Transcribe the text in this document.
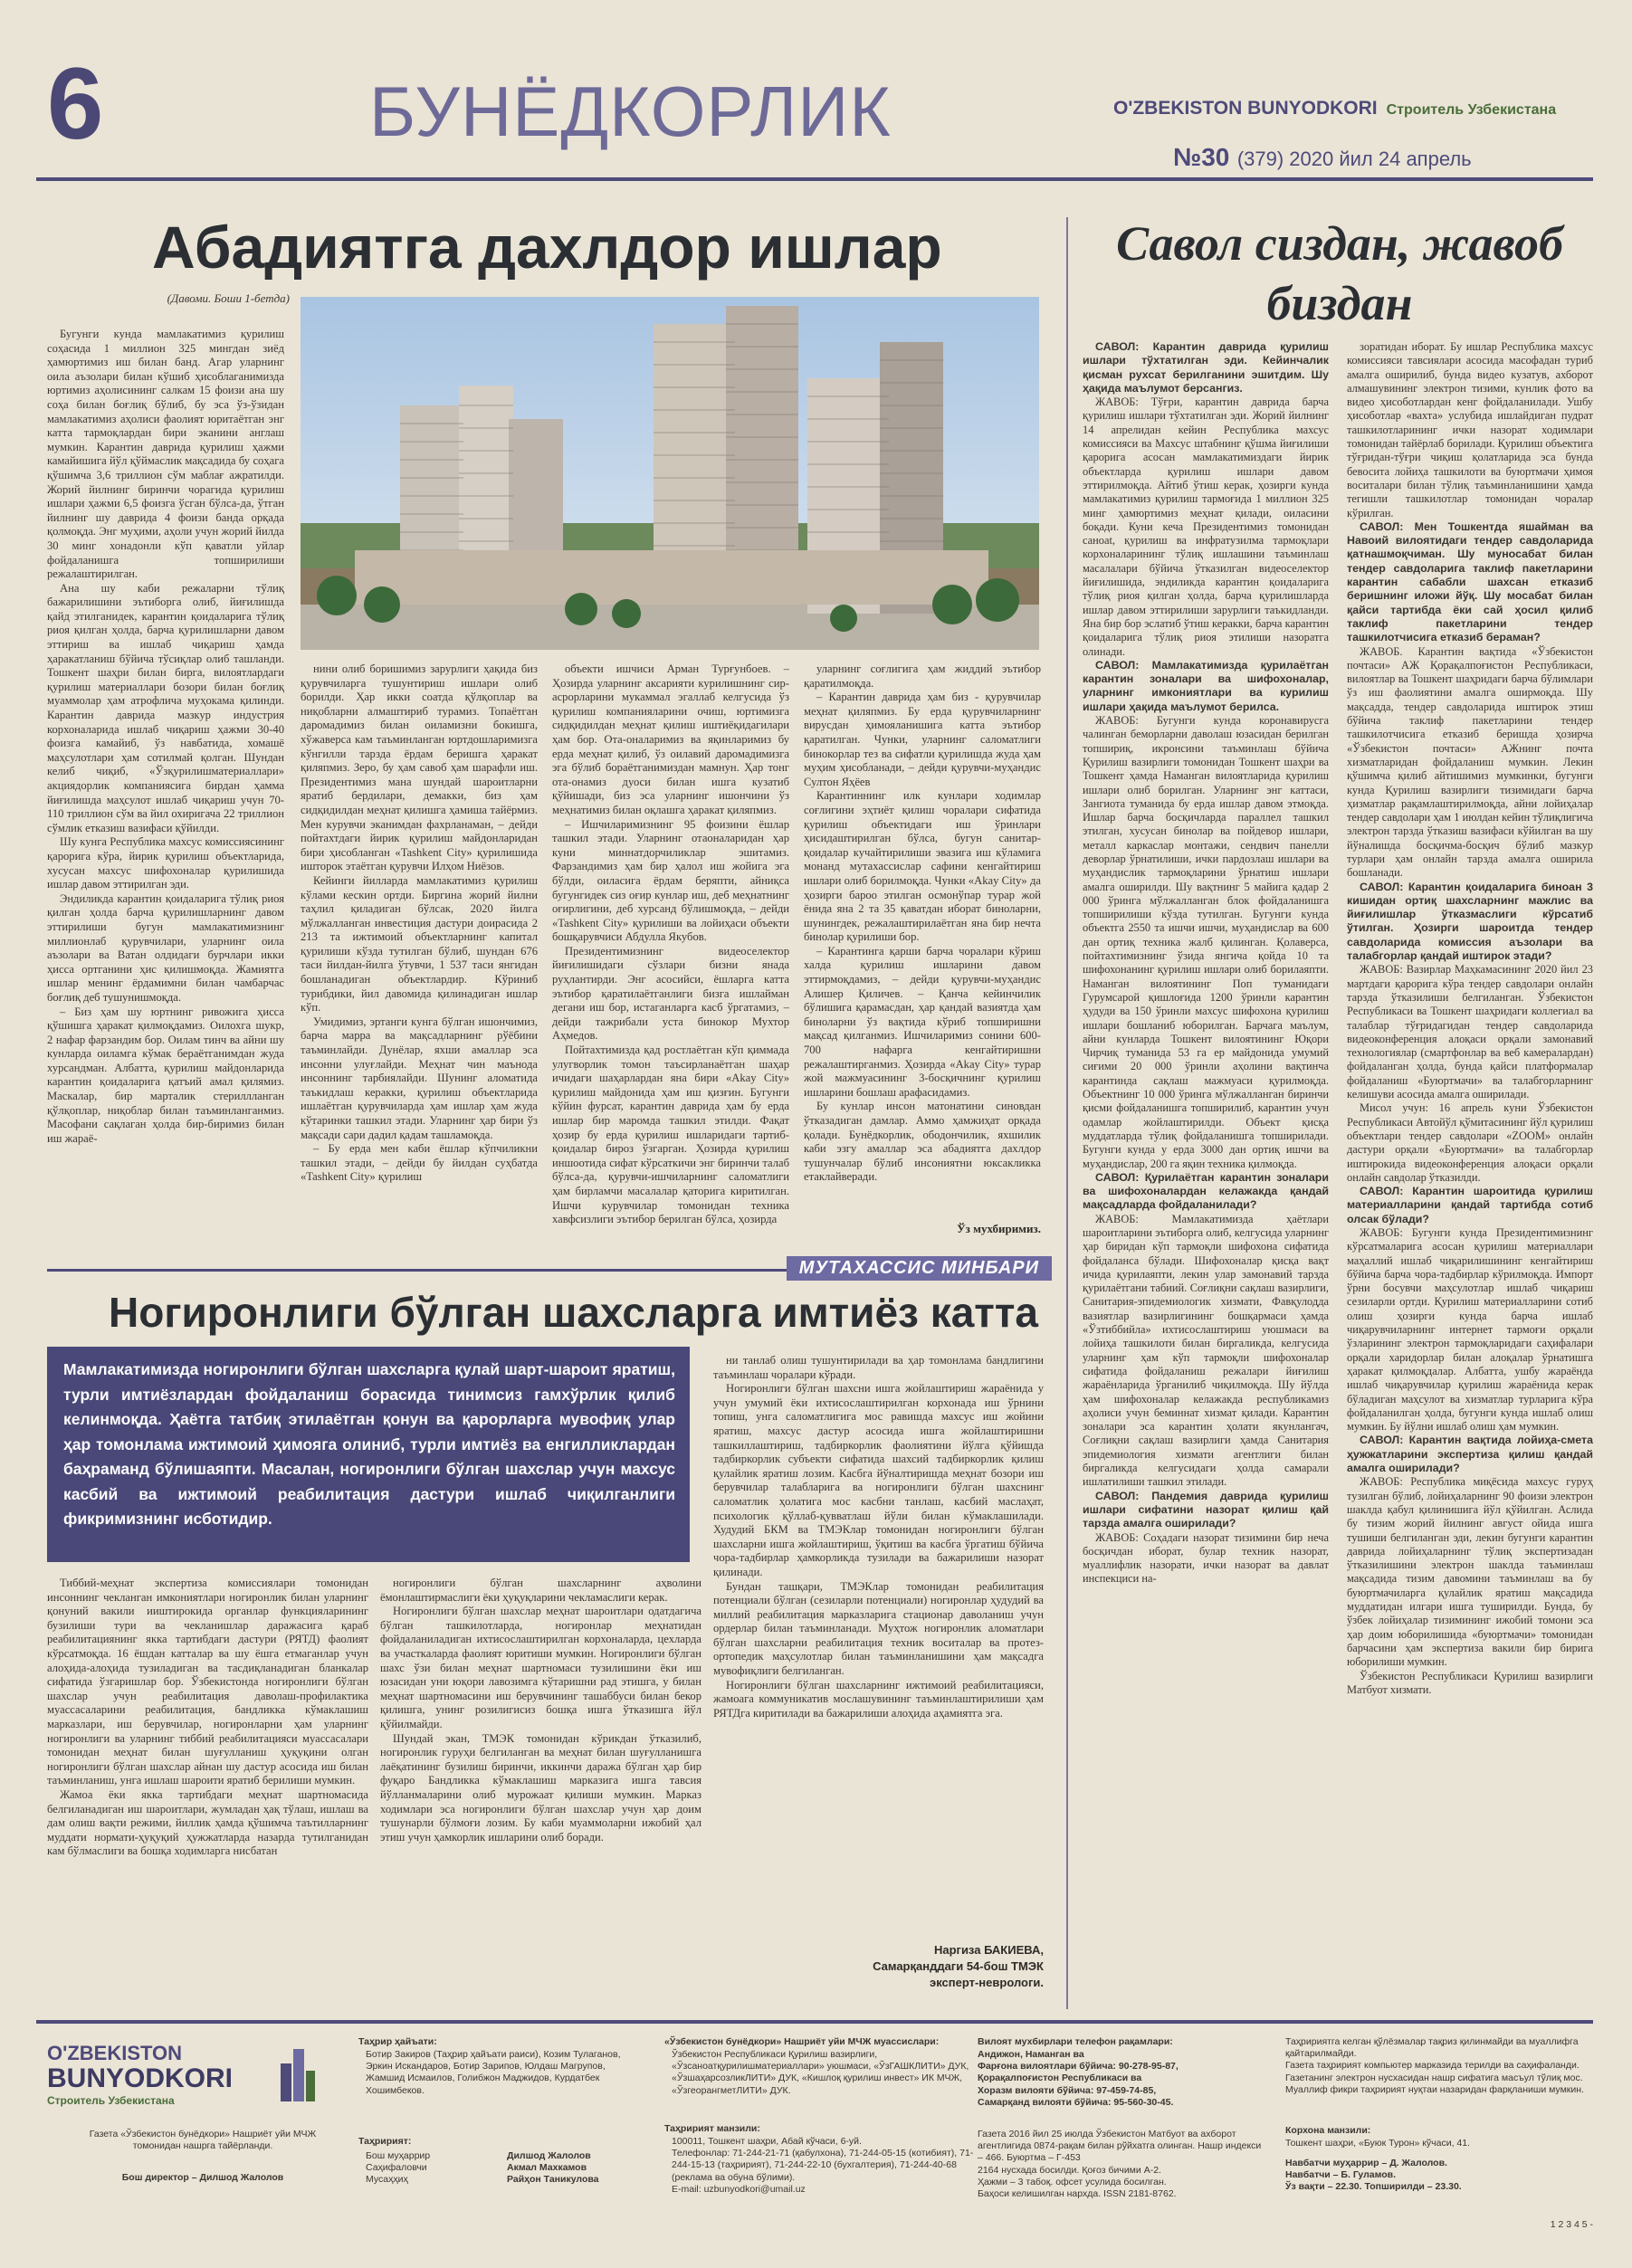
6	БУНЁДКОРЛИК	O'ZBEKISTON BUNYODKORI Строитель Узбекистана
№30 (379) 2020 йил 24 апрель
Абадиятга дахлдор ишлар
(Давоми. Боши 1-бетда)

Бугунги кунда мамлакатимиз қурилиш соҳасида 1 миллион 325 мингдан зиёд ҳамюртимиз иш билан банд. Агар уларнинг оила аъзолари билан кўшиб ҳисоблаганимизда юртимиз аҳолисининг салкам 15 фоизи ана шу соҳа билан боғлиқ бўлиб, бу эса ўз-ўзидан мамлакатимиз аҳолиси фаолият юритаётган энг катта тармоқлардан бири эканини англаш мумкин. Карантин даврида қурилиш ҳажми камайишига йўл қўймаслик мақсадида бу соҳага қўшимча 3,6 триллион сўм маблағ ажратилди. Жорий йилнинг биринчи чорагида қурилиш ишлари ҳажми 6,5 фоизга ўсган бўлса-да, ўтган йилнинг шу даврида 4 фоизи банда орқада қолмоқда. Энг муҳими, аҳоли учун жорий йилда 30 минг хонадонли кўп қаватли уйлар фойдаланишга топширилиши режалаштирилган.

Ана шу каби режаларни тўлиқ бажарилишини эътиборга олиб, йиғилишда қайд этилганидек, карантин қоидаларига тўлиқ риоя қилган ҳолда, барча қурилишларни давом эттириш ва ишлаб чиқариш ҳамда ҳаракатланиш бўйича тўсиқлар олиб ташланди. Тошкент шаҳри билан бирга, вилоятлардаги қурилиш материаллари бозори билан боғлиқ муаммолар ҳам атрофлича муҳокама қилинди. Карантин даврида мазкур индустрия корхоналарида ишлаб чиқариш ҳажми 30-40 фоизга камайиб, ўз навбатида, хомашё маҳсулотлари ҳам сотилмай қолган. Шундан келиб чиқиб, «Ўзқурилишматериаллари» акциядорлик компаниясига бирдан ҳамма йиғилишда маҳсулот ишлаб чиқариш учун 70-110 триллион сўм ва йил охиригача 22 триллион сўмлик етказиш вазифаси қўйилди.

Шу кунга Республика махсус комиссиясининг қарорига кўра, йирик қурилиш объектларида, хусусан махсус шифохоналар қурилишида ишлар давом эттирилган эди.

Эндиликда карантин қоидаларига тўлиқ риоя қилган ҳолда барча қурилишларнинг давом эттирилиши бугун мамлакатимизнинг миллионлаб қурувчилари, уларнинг оила аъзолари ва Ватан олдидаги бурчлари икки ҳисса ортганини ҳис қилишмоқда. Жамиятга ишлар менинг ёрдамимни билан чамбарчас боғлиқ деб тушунишмоқда.

– Биз ҳам шу юртнинг ривожига ҳисса қўшишга ҳаракат қилмоқдамиз. Оилохга шукр, 2 нафар фарзандим бор. Оилам тинч ва айни шу кунларда оиламга кўмак бераётганимдан жуда хурсандман. Албатта, қурилиш майдонларида карантин қоидаларига қатъий амал қилямиз. Маскалар, бир марталик стериллланган қўлқоплар, ниқоблар билан таъминланганмиз. Масофани сақлаган ҳолда бир-биримиз билан иш жараё-

нини олиб боришимиз зарурлиги ҳақида биз қурувчиларга тушунтириш ишлари олиб борилди. Ҳар икки соатда қўлқоплар ва ниқобларни алмаштириб турамиз. Топаётган даромадимиз билан оиламизни бокишга, хўжаверса кам таъминланган юртдошларимизга кўнгилли тарзда ёрдам беришга ҳаракат қиляпмиз. Зеро, бу ҳам савоб ҳам шарафли иш. Президентимиз мана шундай шароитларни яратиб бердилари, демакки, биз ҳам сидқидилдан меҳнат қилишга ҳамиша тайёрмиз. Мен курувчи эканимдан фахрланаман, – дейди пойтахтдаги йирик қурилиш майдонларидан бири ҳисобланган «Tashkent City» қурилишида ишторок этаётган қурувчи Илҳом Ниёзов.

Кейинги йилларда мамлакатимиз қурилиш кўлами кескин ортди. Биргина жорий йилни таҳлил қиладиган бўлсак, 2020 йилга мўлжалланган инвестиция дастури доирасида 2 213 та ижтимоий объектларнинг капитал қурилиши кўзда тутилган бўлиб, шундан 676 таси йилдан-йилга ўтувчи, 1 537 таси янгидан бошланадиган объектлардир. Кўриниб турибдики, йил давомида қилинадиган ишлар кўп.

Умидимиз, эртанги кунга бўлган ишончимиз, барча марра ва мақсадларнинг рўёбини таъминлайди. Дунёлар, яхши амаллар эса инсонни улуғлайди. Меҳнат чин маънода инсоннинг тарбиялайди. Шунинг аломатида таъкидлаш керакки, қурилиш объектларида ишлаётган қурувчиларда ҳам ишлар ҳам жуда кўтаринки ташкил этади. Уларнинг ҳар бири ўз мақсади сари дадил қадам ташламоқда.

– Бу ерда мен каби ёшлар кўпчиликни ташкил этади, – дейди бу йилдан суҳбатда «Tashkent City» қурилиш

объекти ишчиси Арман Турғунбоев. – Ҳозирда уларнинг аксарияти курилишнинг сир-асрорларини мукаммал эгаллаб келгусида ўз қурилиш компанияларини очиш, юртимизга сидқидилдан меҳнат қилиш иштиёқидагилари ҳам бор. Ота-оналаримиз ва яқинларимиз бу ерда меҳнат қилиб, ўз оилавий даромадимизга эга бўлиб бораётганимиздан мамнун. Ҳар тонг ота-онамиз дуоси билан ишга кузатиб қўйишади, биз эса уларнинг ишончини ўз меҳнатимиз билан оқлашга ҳаракат қиляпмиз.

– Ишчиларимизнинг 95 фоизини ёшлар ташкил этади. Уларнинг отаоналаридан ҳар куни миннатдорчиликлар эшитамиз. Фарзандимиз ҳам бир ҳалол иш жойига эга бўлди, оиласига ёрдам беряпти, айниқса бугунгидек сиз оғир кунлар иш, деб меҳнатнинг оғирлигини, деб хурсанд бўлишмоқда, – дейди «Tashkent City» қурилиши ва лойиҳаси объекти бошқарувчиси Абдулла Якубов.

Президентимизнинг видеоселектор йиғилишидаги сўзлари бизни янада руҳлантирди. Энг асосийси, ёшларга катта эътибор қаратилаётганлиги бизга ишлайман дегани иш бор, истаганларга касб ўргатамиз, – дейди тажрибали уста бинокор Мухтор Аҳмедов.

Пойтахтимизда қад ростлаётган кўп қиммада улугворлик томон таъсирланаётган шаҳар ичидаги шаҳарлардан яна бири «Akay City» қурилиш майдонида ҳам иш қизғин. Бугунги кўйин фурсат, карантин даврида ҳам бу ерда ишлар бир маромда ташкил этилди. Фақат ҳозир бу ерда қурилиш ишларидаги тартиб-қоидалар бироз ўзгарган. Ҳозирда қурилиш иншоотида сифат кўрсаткичи энг биринчи талаб бўлса-да, қурувчи-ишчиларнинг саломатлиги ҳам бирламчи масалалар қаторига киритилган. Ишчи курувчилар томонидан техника хавфсизлиги эътибор берилган бўлса, ҳозирда

уларнинг соғлигига ҳам жиддий эътибор қаратилмоқда.

– Карантин даврида ҳам биз - қурувчилар меҳнат қиляпмиз. Бу ерда қурувчиларнинг вирусдан ҳимояланишига катта эътибор қаратилган. Чунки, уларнинг саломатлиги бинокорлар тез ва сифатли қурилишда жуда ҳам муҳим ҳисобланади, – дейди қурувчи-муҳандис Султон Яҳёев

Карантиннинг илк кунлари ходимлар соғлигини эҳтиёт қилиш чоралари сифатида қурилиш объектидаги иш ўринлари ҳисидаштирилган бўлса, бугун санитар-қоидалар кучайтирилиши эвазига иш кўламига монанд мутахассислар сафини кенгайтириш ишлари олиб борилмоқда. Чунки «Akay City» да ҳозирги бароо этилган осмонўпар турар жой ёнида яна 2 та 35 қаватдан иборат биноларни, шунингдек, режалаштирилаётган яна бир нечта бинолар қурилиши бор.

– Карантинга қарши барча чоралари кўриш халда қурилиш ишларини давом эттирмоқдамиз, – дейди қурувчи-муҳандис Алишер Қиличев. – Қанча кейинчилик бўлишига қарамасдан, ҳар қандай вазиятда ҳам биноларни ўз вақтида кўриб топширишни мақсад қилганмиз. Ишчиларимиз сонини 600-700 нафарга кенгайтиришни режалаштирганмиз. Ҳозирда «Akay City» турар жой мажмуасининг 3-босқичнинг қурилиш ишларини бошлаш арафасидамиз.

Бу кунлар инсон матонатини синовдан ўтказадиган дамлар. Аммо ҳамжиҳат орқада қолади. Бунёдкорлик, ободончилик, яхшилик каби эзгу амаллар эса абадиятга дахлдор тушунчалар бўлиб инсониятни юксакликка етаклайверади.

Ўз мухбиримиз.
Савол сиздан, жавоб биздан

САВОЛ: Карантин даврида қурилиш ишлари тўхтатилган эди. Кейинчалик қисман рухсат берилганини эшитдим. Шу ҳақида маълумот берсангиз.

ЖАВОБ: Тўғри, карантин даврида барча қурилиш ишлари тўхтатилган эди. Жорий йилнинг 14 апрелидан кейин Республика махсус комиссияси ва Махсус штабнинг қўшма йиғилиши қарорига асосан мамлакатимиздаги йирик объектларда қурилиш ишлари давом эттирилмоқда. Айтиб ўтиш керак, ҳозирги кунда мамлакатимиз қурилиш тармоғида 1 миллион 325 минг ҳамюртимиз меҳнат қилади, оиласини боқади. Куни кеча Президентимиз томонидан санoat, қурилиш ва инфратузилма тармоқлари корхоналарининг тўлиқ ишлашини таъминлаш масалалари бўйича ўтказилган видеоселектор йиғилишида, эндиликда карантин қоидаларига тўлиқ риоя қилган ҳолда, барча қурилишларда ишлар давом эттирилиши зарурлиги таъкидланди. Яна бир бор эслатиб ўтиш керакки, барча карантин қоидаларига тўлиқ риоя этилиши назоратга олинади.

САВОЛ: Мамлакатимизда қурилаётган карантин зоналари ва шифохоналар, уларнинг имкониятлари ва курилиш ишлари ҳақида маълумот берилса.

ЖАВОБ: Бугунги кунда коронавирусга чалинган беморларни даволаш юзасидан берилган топшириқ, икронсини таъминлаш бўйича Қурилиш вазирлиги томонидан Тошкент шаҳри ва Тошкент ҳамда Наманган вилоятларида қурилиш ишлари олиб борилган. Уларнинг энг каттаси, Зангиота туманида бу ерда ишлар давом этмоқда. Ишлар барча босқичларда параллел ташкил этилган, хусусан бинолар ва пойдевор ишлари, металл каркаслар монтажи, сендвич панелли деворлар ўрнатилиши, ички пардозлаш ишлари ва муҳандислик тармоқларини ўрнатиш ишлари амалга оширилди. Шу вақтнинг 5 майига қадар 2 000 ўринга мўлжалланган блок фойдаланишга топширилиши кўзда тутилган. Бугунги кунда объектга 2550 та ишчи ишчи, муҳандислар ва 600 дан ортиқ техника жалб қилинган. Қолаверса, пойтахтимизнинг ўзида янгича қойда 10 та шифохонанинг қурилиш ишлари олиб борилаяпти. Наманган вилоятининг Поп туманидаги Гурумсарой қишлоғида 1200 ўринли карантин ҳудуди ва 150 ўринли махсус шифохона қурилиш ишлари бошланиб юборилган. Барчага маълум, айни кунларда Тошкент вилоятининг Юқори Чирчиқ туманида 53 га ер майдонида умумий сиғими 20 000 ўринли аҳолини вақтинча карантинда сақлаш мажмуаси қурилмоқда. Объектнинг 10 000 ўринга мўлжалланган биринчи қисми фойдаланишга топширилиб, карантин учун одамлар жойлаштирилди. Объект қисқа муддатларда тўлиқ фойдаланишга топширилади. Бугунги кунда у ерда 3000 дан ортиқ ишчи ва муҳандислар, 200 га яқин техника қилмоқда.

САВОЛ: Қурилаётган карантин зоналари ва шифохоналардан келажакда қандай мақсадларда фойдаланилади?

ЖАВОБ: Мамлакатимизда ҳаётлари шароитларини эътиборга олиб, келгусида уларнинг ҳар биридан кўп тармоқли шифохона сифатида фойдаланса бўлади. Шифохоналар қисқа вақт ичида қурилаяпти, лекин улар замонавий тарзда қурилаётгани табиий. Соғлиқни сақлаш вазирлиги, Санитария-эпидемиологик хизмати, Фавқулодда вазиятлар вазирлигининг бошқармаси ҳамда «Ўзтиббийла» ихтисослаштириш уюшмаси ва лойиҳа ташкилоти билан биргаликда, келгусида уларнинг ҳам кўп тармоқли шифохоналар сифатида фойдаланиш режалари йиғилиш жараёнларида ўрганилиб чиқилмоқда. Шу йўлда ҳам шифохоналар келажакда республикамиз аҳолиси учун беминнат хизмат қилади. Карантин зоналари эса карантин ҳолати якунлангач, Соғлиқни сақлаш вазирлиги ҳамда Санитария эпидемиология хизмати агентлиги билан биргаликда келгусидаги ҳолда самарали ишлатилиши ташкил этилади.

САВОЛ: Пандемия даврида қурилиш ишлари сифатини назорат қилиш қай тарзда амалга оширилади?

ЖАВОБ: Соҳадаги назорат тизимини бир неча босқичдан иборат, булар техник назорат, муаллифлик назорати, ички назорат ва давлат инспекциси на-

зоратидан иборат. Бу ишлар Республика махсус комиссияси тавсиялари асосида масофадан туриб амалга оширилиб, бунда видео кузатув, ахборот алмашувининг электрон тизими, кунлик фото ва видео ҳисоботлардан кенг фойдаланилади. Ушбу ҳисоботлар «вахта» услубида ишлайдиган пудрат ташкилотларининг ички назорат ходимлари томонидан тайёрлаб борилади. Қурилиш объектига тўғридан-тўғри чиқиш қолатларида эса бунда бевосита лойиҳа ташкилоти ва буюртмачи ҳимоя воситалари билан тўлиқ таъминланишини ҳамда тегишли ташкилотлар томонидан чоралар кўрилган.

САВОЛ: Мен Тошкентда яшайман ва Навоий вилоятидаги тендер савдоларида қатнашмоқчиман. Шу муносабат билан тендер савдоларига таклиф пакетларини карантин сабабли шахсан етказиб беришнинг иложи йўқ. Шу мосабат билан қайси тартибда ёки сай ҳосил қилиб таклиф пакетларини тендер ташкилотчисига етказиб бераман?

ЖАВОБ. Карантин вақтида «Ўзбекистон почтаси» АЖ Қорақалпоғистон Республикаси, вилоятлар ва Тошкент шаҳридаги барча бўлимлари ўз иш фаолиятини амалга оширмоқда. Шу мақсадда, тендер савдоларида иштирок этиш бўйича таклиф пакетларини тендер ташкилотчисига етказиб беришда ҳозирча «Ўзбекистон почтаси» АЖнинг почта хизматларидан фойдаланиш мумкин. Лекин қўшимча қилиб айтишимиз мумкинки, бугунги кунда Қурилиш вазирлиги тизимидаги барча ҳизматлар рақамлаштирилмоқда, айни лойиҳалар тендер савдолари ҳам 1 июлдан кейин тўлиқлигича электрон тарзда ўтказиш вазифаси кўйилган ва шу йўналишда босқичма-босқич бўлиб мазкур турлари ҳам онлайн тарзда амалга оширила бошланади.

САВОЛ: Карантин қоидаларига биноан 3 кишидан ортиқ шахсларнинг мажлис ва йиғилишлар ўтказмаслиги кўрсатиб ўтилган. Ҳозирги шароитда тендер савдоларида комиссия аъзолари ва талабгорлар қандай иштирок этади?

ЖАВОБ: Вазирлар Маҳкамасининг 2020 йил 23 мартдаги қарорига кўра тендер савдолари онлайн тарзда ўтказилиши белгиланган. Ўзбекистон Республикаси ва Тошкент шаҳридаги коллегиал ва талаблар тўғридагидан тендер савдоларида видеоконференция алоқаси орқали замонавий технологиялар (смартфонлар ва веб камералардан) фойдаланган ҳолда, бунда қайси платформалар фойдаланиш «Буюртмачи» ва талабгорларнинг келишуви асосида амалга оширилади.

Мисол учун: 16 апрель куни Ўзбекистон Республикаси Автойўл қўмитасининг йўл қурилиш объектлари тендер савдолари «ZOOM» онлайн дастури орқали «Буюртмачи» ва талабгорлар иштирокида видеоконференция алоқаси орқали онлайн савдолар ўтказилди.

САВОЛ: Карантин шароитида қурилиш материалларини қандай тартибда сотиб олсак бўлади?

ЖАВОБ: Бугунги кунда Президентимизнинг кўрсатмаларига асосан қурилиш материаллари маҳаллий ишлаб чиқарилишининг кенгайтириш бўйича барча чора-тадбирлар кўрилмоқда. Импорт ўрни босувчи маҳсулотлар ишлаб чиқариш сезиларли ортди. Қурилиш материалларини сотиб олиш ҳозирги кунда барча ишлаб чиқарувчиларнинг интернет тармоғи орқали ўзларининг электрон тармоқларидаги саҳифалари орқали харидорлар билан алоқалар ўрнатишга ҳаракат қилмоқдалар. Албатта, ушбу жараёнда ишлаб чиқарувчилар қурилиш жараёнида керак бўладиган маҳсулот ва хизматлар турларига кўра фойдаланилган ҳолда, бугунги кунда ишлаб олиш мумкин. Бу йўлни ишлаб олиш ҳам мумкин.

САВОЛ: Карантин вақтида лойиҳа-смета ҳужжатларини экспертиза қилиш қандай амалга оширилади?

ЖАВОБ: Республика миқёсида махсус гуруҳ тузилган бўлиб, лойиҳаларнинг 90 фоизи электрон шаклда қабул қилинишига йўл қўйилган. Аслида бу тизим жорий йилнинг август ойида ишга тушиши белгиланган эди, лекин бугунги карантин даврида лойиҳаларнинг тўлиқ экспертизадан ўтказилишини электрон шаклда таъминлаш мақсадида тизим давомини таъминлаш ва бу буюртмачиларга қулайлик яратиш мақсадида муддатидан илгари ишга туширилди. Бунда, бу ўзбек лойиҳалар тизимининг ижобий томони эса ҳар доим юборилишида «буюртмачи» томонидан барчасини ҳам экспертиза вакили бир бирига юборилиши мумкин.

Ўзбекистон Республикаси Қурилиш вазирлиги Матбуот хизмати.

МУТАХАССИС МИНБАРИ
Ногиронлиги бўлган шахсларга имтиёз катта
Мамлакатимизда ногиронлиги бўлган шахсларга қулай шарт-шароит яратиш, турли имтиёзлардан фойдаланиш борасида тинимсиз гамхўрлик қилиб келинмоқда. Ҳаётга татбиқ этилаётган қонун ва қарорларга мувофиқ улар ҳар томонлама ижтимоий ҳимояга олиниб, турли имтиёз ва енгилликлардан баҳраманд бўлишаяпти. Масалан, ногиронлиги бўлган шахслар учун махсус касбий ва ижтимоий реабилитация дастури ишлаб чиқилганлиги фикримизнинг исботидир.

Тиббий-меҳнат экспертиза комиссиялари томонидан инсоннинг чекланган имкониятлари ногиронлик билан уларнинг қонуний вакили ииштирокида органлар функцияларининг бузилиши тури ва чекланишлар даражасига қараб реабилитациянинг якка тартибдаги дастури (РЯТД) фаолият кўрсатмоқда. 16 ёшдан катталар ва шу ёшга етмаганлар учун алоҳида-алоҳида тузиладиган ва тасдиқланадиган бланкалар сифатида ўзгаришлар бор. Ўзбекистонда ногиронлиги бўлган шахслар учун реабилитация даволаш-профилактика муассасаларини реабилитация, бандликка кўмаклашиш марказлари, иш берувчилар, ногиронларни ҳам уларнинг ногиронлиги ва уларнинг тиббий реабилитацияси муассасалари томонидан меҳнат билан шуғулланиш ҳуқуқини олган ногиронлиги бўлган шахслар айнан шу дастур асосида иш билан таъминланиш, унга ишлаш шароити яратиб берилиши мумкин.

Жамоа ёки якка тартибдаги меҳнат шартномасида белгиланадиган иш шароитлари, жумладан ҳақ тўлаш, ишлаш ва дам олиш вақти режими, йиллик ҳамда қўшимча таътилларнинг муддати нормати-ҳуқуқий ҳужжатларда назарда тутилганидан кам бўлмаслиги ва бошқа ходимларга нисбатан

ногиронлиги бўлган шахсларнинг аҳволини ёмонлаштирмаслиги ёки ҳуқуқларини чекламаслиги керак.

Ногиронлиги бўлган шахслар меҳнат шароитлари одатдагича бўлган ташкилотларда, ногиронлар меҳнатидан фойдаланиладиган ихтисослаштирилган корхоналарда, цехларда ва участкаларда фаолият юритиши мумкин. Ногиронлиги бўлган шахс ўзи билан меҳнат шартномаси тузилишини ёки иш юзасидан уни юқори лавозимга кўтаришни рад этишга, у билан меҳнат шартномасини иш берувчининг ташаббуси билан бекор қилишга, унинг розилигисиз бошқа ишга ўтказишга йўл қўйилмайди.

Шундай экан, ТМЭК томонидан кўрикдан ўтказилиб, ногиронлик гуруҳи белгиланган ва меҳнат билан шуғулланишга лаёқатининг бузилиш биринчи, иккинчи даража бўлган ҳар бир фуқаро Бандликка кўмаклашиш марказига ишга тавсия йўлланмаларини олиб мурожаат қилиши мумкин. Марказ ходимлари эса ногиронлиги бўлган шахслар учун ҳар доим тушунарли бўлмоғи лозим. Бу каби муаммоларни ижобий ҳал этиш учун ҳамкорлик ишларини олиб боради.

ни танлаб олиш тушунтирилади ва ҳар томонлама бандлигини таъминлаш чоралари кўради.

Ногиронлиги бўлган шахсни ишга жойлаштириш жараёнида у учун умумий ёки ихтисослаштирилган корхонада иш ўрнини топиш, унга саломатлигига мос равишда махсус иш жойини яратиш, махсус дастур асосида ишга жойлаштиришни ташкиллаштириш, тадбиркорлик фаолиятини йўлга қўйишда тадбиркорлик субъекти сифатида шахсий тадбиркорлик қилиш қулайлик яратиш лозим. Касбга йўналтиришда меҳнат бозори иш берувчилар талабларига ва ногиронлиги бўлган шахснинг саломатлик ҳолатига мос касбни танлаш, касбий маслаҳат, психологик қўллаб-қувватлаш йўли билан кўмаклашилади. Худудий БКМ ва ТМЭКлар томонидан ногиронлиги бўлган шахсларни ишга жойлаштириш, ўқитиш ва касбга ўргатиш бўйича чора-тадбирлар ҳамкорликда тузилади ва бажарилиши назорат қилинади.

Бундан ташқари, ТМЭКлар томонидан реабилитация потенциали бўлган (сезиларли потенциали) ногиронлар ҳудудий ва миллий реабилитация марказларига стационар даволаниш учун ордерлар билан таъминланади. Муҳтож ногиронлик аломатлари бўлган шахсларни реабилитация техник воситалар ва протез-ортопедик маҳсулотлар билан таъминланишини ҳам мақсадга мувофиқлиги белгиланган.

Ногиронлиги бўлган шахсларнинг ижтимоий реабилитацияси, жамоага коммуникатив мослашувининг таъминлаштирилиши ҳам РЯТДга киритилади ва бажарилиши алоҳида аҳамиятга эга.

Наргиза БАКИЕВА,
Самарқанддаги 54-бош ТМЭК
эксперт-неврологи.
O'ZBEKISTON
BUNYODKORI
Строитель Узбекистана
Газета «Ўзбекистон бунёдкори» Нашриёт уйи МЧЖ томонидан нашрга тайёрланди.
Бош директор – Дилшод Жалолов
Таҳрир ҳайъати:
Ботир Закиров (Таҳрир ҳайъати раиси), Козим Тулаганов, Эркин Искандаров, Ботир Зарипов, Юлдаш Магрупов, Жамшид Исмаилов, Голибжон Маджидов, Курдатбек Хошимбеков.
Таҳририят:
Бош муҳаррир
Саҳифаловчи
Мусаҳҳиҳ
Дилшод Жалолов
Акмал Махкамов
Райҳон Таникулова
«Ўзбекистон бунёдкори» Нашриёт уйи МЧЖ муассислари:
Ўзбекистон Республикаси Қурилиш вазирлиги, «Ўзсаноатқурилишматериаллари» уюшмаси, «ЎзГАШКЛИТИ» ДУК, «ЎзшаҳарсозликЛИТИ» ДУК, «Кишлоқ қурилиш инвест» ИК МЧЖ, «ЎзгеорангметЛИТИ» ДУК.
Таҳририят манзили:
100011, Тошкент шаҳри, Абай кўчаси, 6-уй.
Телефонлар: 71-244-21-71 (қабулхона), 71-244-05-15 (котибият), 71-244-15-13 (таҳририят), 71-244-22-10 (бухгалтерия), 71-244-40-68 (реклама ва обуна бўлими).
E-mail: uzbunyodkori@umail.uz
Вилоят мухбирлари телефон рақамлари:
Андижон, Наманган ва
Фарғона вилоятлари бўйича: 90-278-95-87,
Қорақалпоғистон Республикаси ва
Хоразм вилояти бўйича: 97-459-74-85,
Самарқанд вилояти бўйича: 95-560-30-45.
Газета 2016 йил 25 июлда Ўзбекистон Матбуот ва ахборот агентлигида 0874-рақам билан рўйхатга олинган. Нашр индекси – 466. Буюртма – Г-453
2164 нусхада босилди. Қоғоз бичими А-2.
Ҳажми – 3 табоқ. офсет усулида босилган.
Баҳоси келишилган нархда. ISSN 2181-8762.
Таҳририятга келган қўлёзмалар тақриз қилинмайди ва муаллифга қайтарилмайди.
Газета таҳририят компьютер марказида терилди ва саҳифаланди. Газетанинг электрон нусхасидан нашр сифатига масъул тўлиқ мос.
Муаллиф фикри таҳририят нуқтаи назаридан фарқланиши мумкин.
Корхона манзили:
Тошкент шаҳри, «Буюк Турон» кўчаси, 41.
Навбатчи муҳаррир – Д. Жалолов.
Навбатчи – Б. Гуламов.
Ўз вақти – 22.30. Топширилди – 23.30.
1 2 3 4 5 -
